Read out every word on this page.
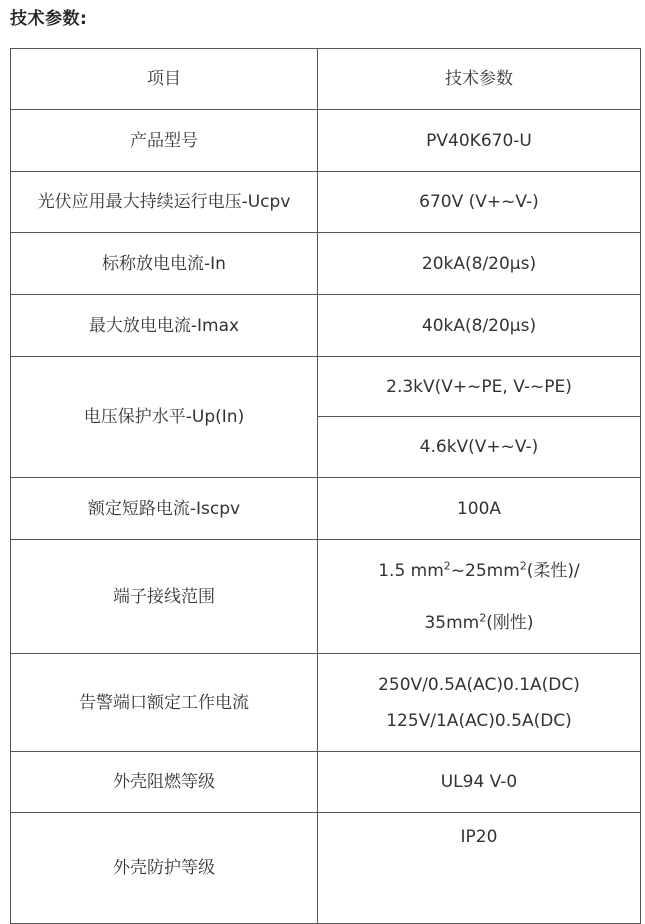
技术参数:
项目	技术参数
产品型号	PV40K670-U
光伏应用最大持续运行电压-Ucpv	670V (V+~V-)
标称放电电流-In	20kA(8/20μs)
最大放电电流-Imax	40kA(8/20μs)
电压保护水平-Up(In)	2.3kV(V+~PE, V-~PE)
	4.6kV(V+~V-)
额定短路电流-Iscpv	100A
端子接线范围	1.5 $mm^2\sim 25mm^2$(柔性)/
$35mm^2$(刚性)

告警端口额定工作电流	250V/0.5A(AC)0.1A(DC)
125V/1A(AC)0.5A(DC)

外壳阻燃等级	UL94 V-0
外壳防护等级	IP20
